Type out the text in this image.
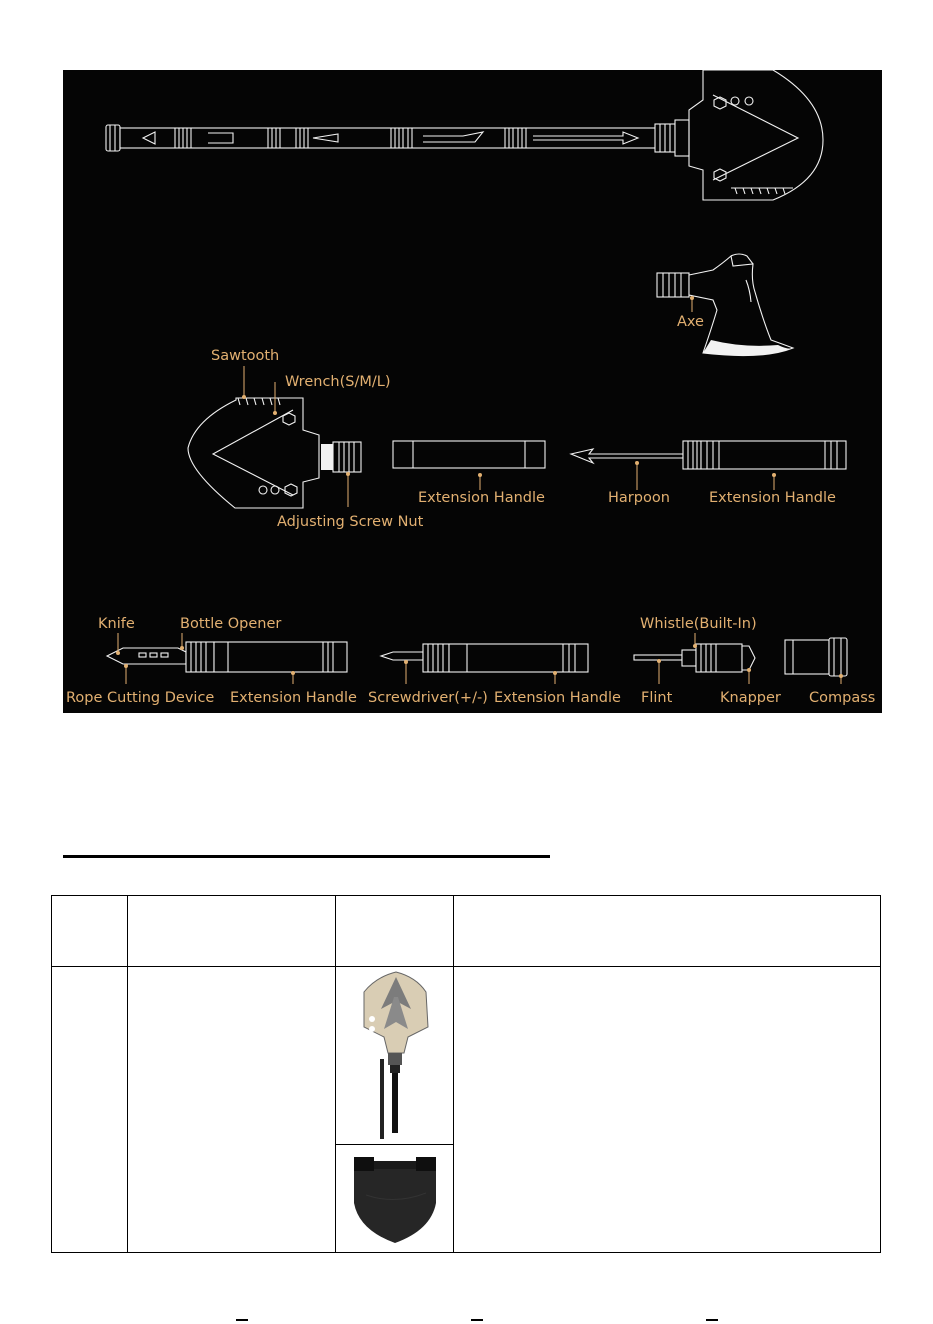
Axe
Sawtooth
Wrench(S/M/L)
Adjusting Screw Nut
Extension Handle	Harpoon	Extension Handle
Knife	Bottle Opener
Rope Cutting Device Extension Handle Screwdriver(+/-) Extension Handle
Whistle(Built-In)
Flint	Knapper Compass
